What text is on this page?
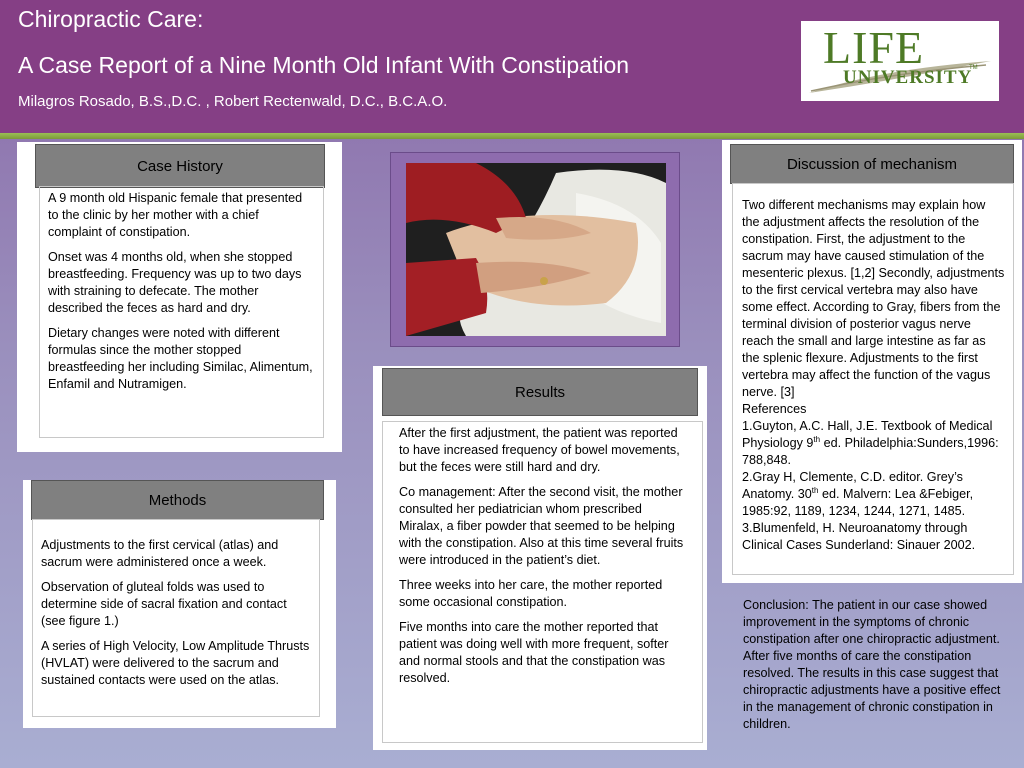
Chiropractic Care:
A Case Report of a Nine Month Old Infant With Constipation
Milagros Rosado, B.S.,D.C. , Robert Rectenwald, D.C., B.C.A.O.
LIFE
UNIVERSITY
TM
Case History

A 9 month old Hispanic female that presented to the clinic by her mother with a chief complaint of constipation.

Onset was 4 months old, when she stopped breastfeeding. Frequency was up to two days with straining to defecate. The mother described the feces as hard and dry.

Dietary changes were noted with different formulas since the mother stopped breastfeeding her including Similac, Alimentum, Enfamil and Nutramigen.

Methods

Adjustments to the first cervical (atlas) and sacrum were administered once a week.

Observation of gluteal folds was used to determine side of sacral fixation and contact (see figure 1.)

A series of High Velocity, Low Amplitude Thrusts (HVLAT) were delivered to the sacrum and sustained contacts were used on the atlas.

Results

After the first adjustment, the patient was reported to have increased frequency of bowel movements, but the feces were still hard and dry.

Co management: After the second visit, the mother consulted her pediatrician whom prescribed Miralax, a fiber powder that seemed to be helping with the constipation. Also at this time several fruits were introduced in the patient’s diet.

Three weeks into her care, the mother reported some occasional constipation.

Five months into care the mother reported that patient was doing well with more frequent, softer and normal stools and that the constipation was resolved.

Discussion of mechanism
Two different mechanisms may explain how the adjustment affects the resolution of the constipation. First, the adjustment to the sacrum may have caused stimulation of the mesenteric plexus. [1,2] Secondly, adjustments to the first cervical vertebra may also have some effect. According to Gray, fibers from the terminal division of posterior vagus nerve reach the small and large intestine as far as the splenic flexure. Adjustments to the first vertebra may affect the function of the vagus nerve. [3]
References
1.Guyton, A.C. Hall, J.E. Textbook of Medical Physiology 9th ed. Philadelphia:Sunders,1996: 788,848.
2.Gray H, Clemente, C.D. editor. Grey’s Anatomy. 30th ed. Malvern: Lea &Febiger, 1985:92, 1189, 1234, 1244, 1271, 1485.
3.Blumenfeld, H. Neuroanatomy through Clinical Cases Sunderland: Sinauer 2002.
Conclusion: The patient in our case showed improvement in the symptoms of chronic constipation after one chiropractic adjustment. After five months of care the constipation resolved. The results in this case suggest that chiropractic adjustments have a positive effect in the management of chronic constipation in children.
